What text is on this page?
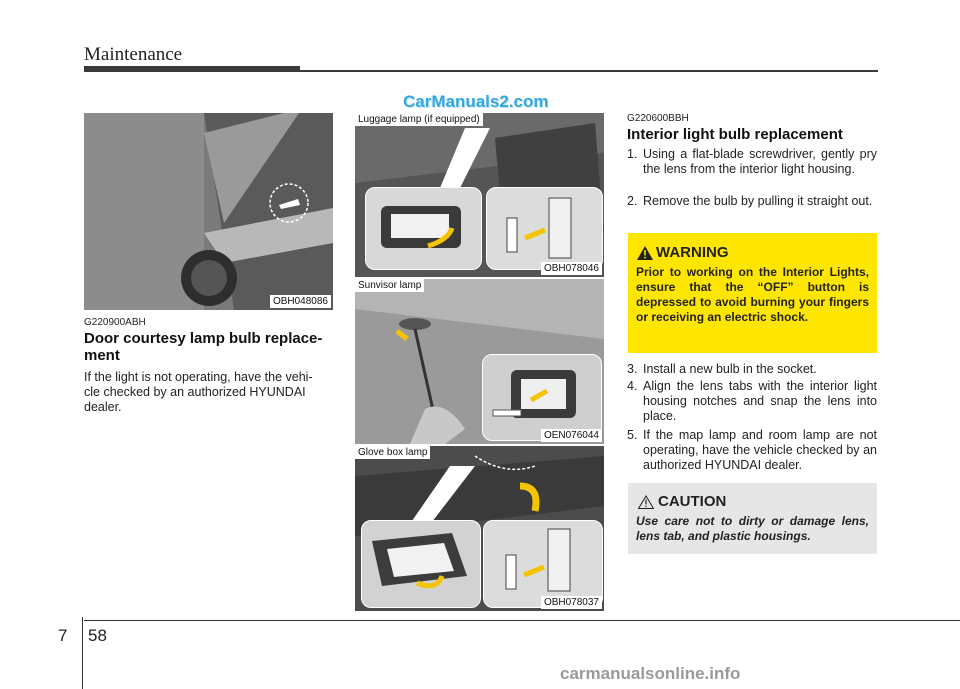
Maintenance
OBH048086
G220900ABH
Door courtesy lamp bulb replace-
ment
If the light is not operating, have the vehi-
cle checked by an authorized HYUNDAI
dealer.
CarManuals2.com
Luggage lamp (if equipped)
OBH078046
Sunvisor lamp
OEN076044
Glove box lamp
OBH078037
G220600BBH
Interior light bulb replacement
1. Using a flat-blade screwdriver, gently pry the lens from the interior light housing.
2. Remove the bulb by pulling it straight out.
WARNING
Prior to working on the Interior Lights, ensure that the “OFF” button is depressed to avoid burning your fingers or receiving an electric shock.
3. Install a new bulb in the socket.
4. Align the lens tabs with the interior light housing notches and snap the lens into place.
5. If the map lamp and room lamp are not operating, have the vehicle checked by an authorized HYUNDAI dealer.
CAUTION
Use care not to dirty or damage lens, lens tab, and plastic housings.
7 58
carmanualsonline.info
